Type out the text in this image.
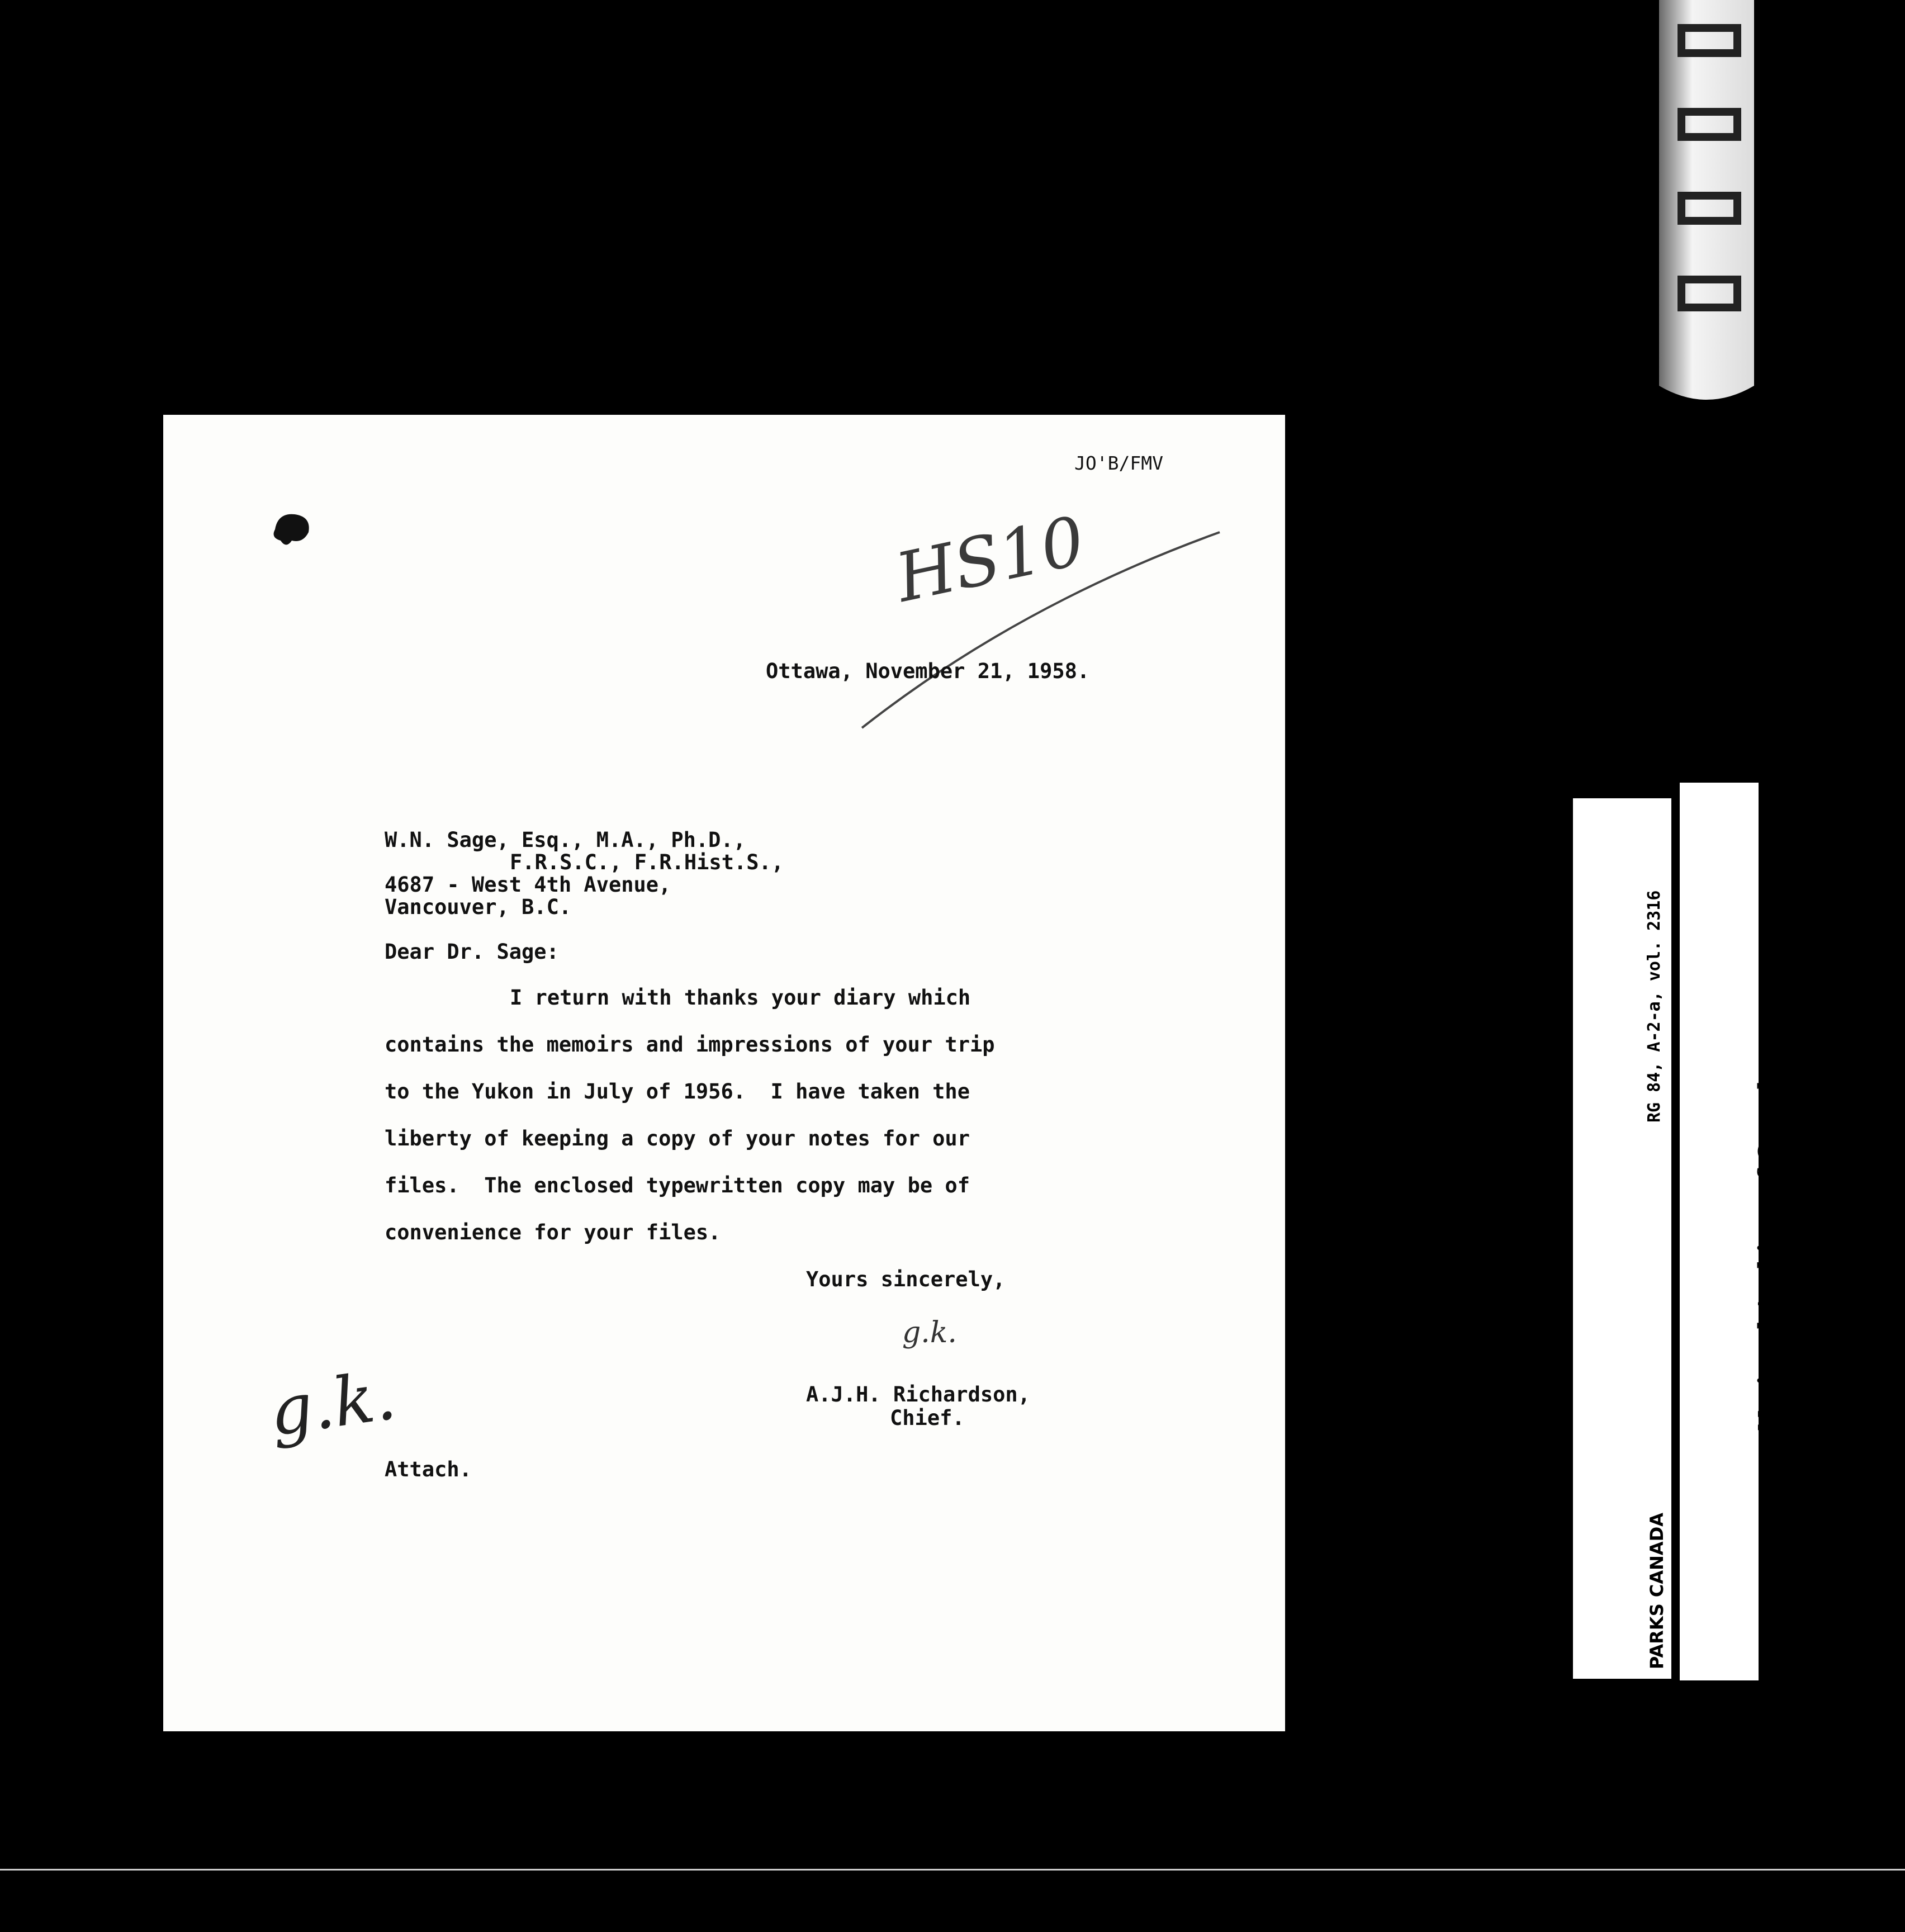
JO'B/FMV
HS10
Ottawa, November 21, 1958.
W.N. Sage, Esq., M.A., Ph.D.,
F.R.S.C., F.R.Hist.S.,
4687 - West 4th Avenue,
Vancouver, B.C.
Dear Dr. Sage:
I return with thanks your diary which
contains the memoirs and impressions of your trip
to the Yukon in July of 1956.  I have taken the
liberty of keeping a copy of your notes for our
files.  The enclosed typewritten copy may be of
convenience for your files.
Yours sincerely,
g.k.
A.J.H. Richardson,
Chief.
g.k.
Attach.

RG 84, A-2-a, vol. 2316

	pt 16

PARKS CANADA

National Archives of Canada

	Archives nationales du Canada
